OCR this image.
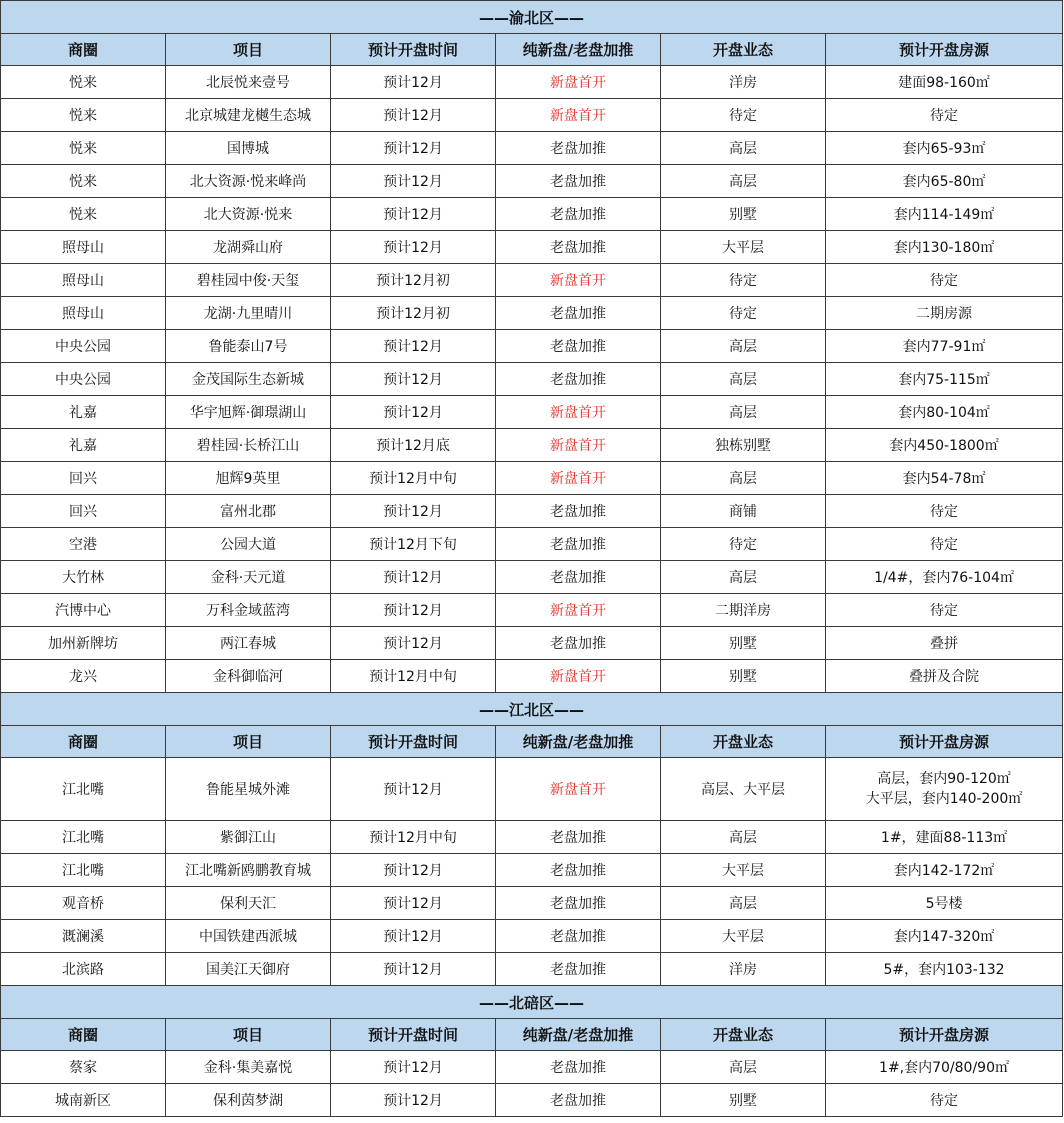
——渝北区——					
商圈	项目	预计开盘时间	纯新盘/老盘加推	开盘业态	预计开盘房源
悦来	北辰悦来壹号	预计12月	新盘首开	洋房	建面98-160㎡
悦来	北京城建龙樾生态城	预计12月	新盘首开	待定	待定
悦来	国博城	预计12月	老盘加推	高层	套内65-93㎡
悦来	北大资源·悦来峰尚	预计12月	老盘加推	高层	套内65-80㎡
悦来	北大资源·悦来	预计12月	老盘加推	别墅	套内114-149㎡
照母山	龙湖舜山府	预计12月	老盘加推	大平层	套内130-180㎡
照母山	碧桂园中俊·天玺	预计12月初	新盘首开	待定	待定
照母山	龙湖·九里晴川	预计12月初	老盘加推	待定	二期房源
中央公园	鲁能泰山7号	预计12月	老盘加推	高层	套内77-91㎡
中央公园	金茂国际生态新城	预计12月	老盘加推	高层	套内75-115㎡
礼嘉	华宇旭辉·御璟湖山	预计12月	新盘首开	高层	套内80-104㎡
礼嘉	碧桂园·长桥江山	预计12月底	新盘首开	独栋别墅	套内450-1800㎡
回兴	旭辉9英里	预计12月中旬	新盘首开	高层	套内54-78㎡
回兴	富州北郡	预计12月	老盘加推	商铺	待定
空港	公园大道	预计12月下旬	老盘加推	待定	待定
大竹林	金科·天元道	预计12月	老盘加推	高层	1/4#，套内76-104㎡
汽博中心	万科金域蓝湾	预计12月	新盘首开	二期洋房	待定
加州新牌坊	两江春城	预计12月	老盘加推	别墅	叠拼
龙兴	金科御临河	预计12月中旬	新盘首开	别墅	叠拼及合院
——江北区——					
商圈	项目	预计开盘时间	纯新盘/老盘加推	开盘业态	预计开盘房源
江北嘴	鲁能星城外滩	预计12月	新盘首开	高层、大平层	高层，套内90-120㎡
大平层，套内140-200㎡

江北嘴	紫御江山	预计12月中旬	老盘加推	高层	1#，建面88-113㎡
江北嘴	江北嘴新鸥鹏教育城	预计12月	老盘加推	大平层	套内142-172㎡
观音桥	保利天汇	预计12月	老盘加推	高层	5号楼
溉澜溪	中国铁建西派城	预计12月	老盘加推	大平层	套内147-320㎡
北滨路	国美江天御府	预计12月	老盘加推	洋房	5#，套内103-132
——北碚区——					
商圈	项目	预计开盘时间	纯新盘/老盘加推	开盘业态	预计开盘房源
蔡家	金科·集美嘉悦	预计12月	老盘加推	高层	1#,套内70/80/90㎡
城南新区	保利茵梦湖	预计12月	老盘加推	别墅	待定
